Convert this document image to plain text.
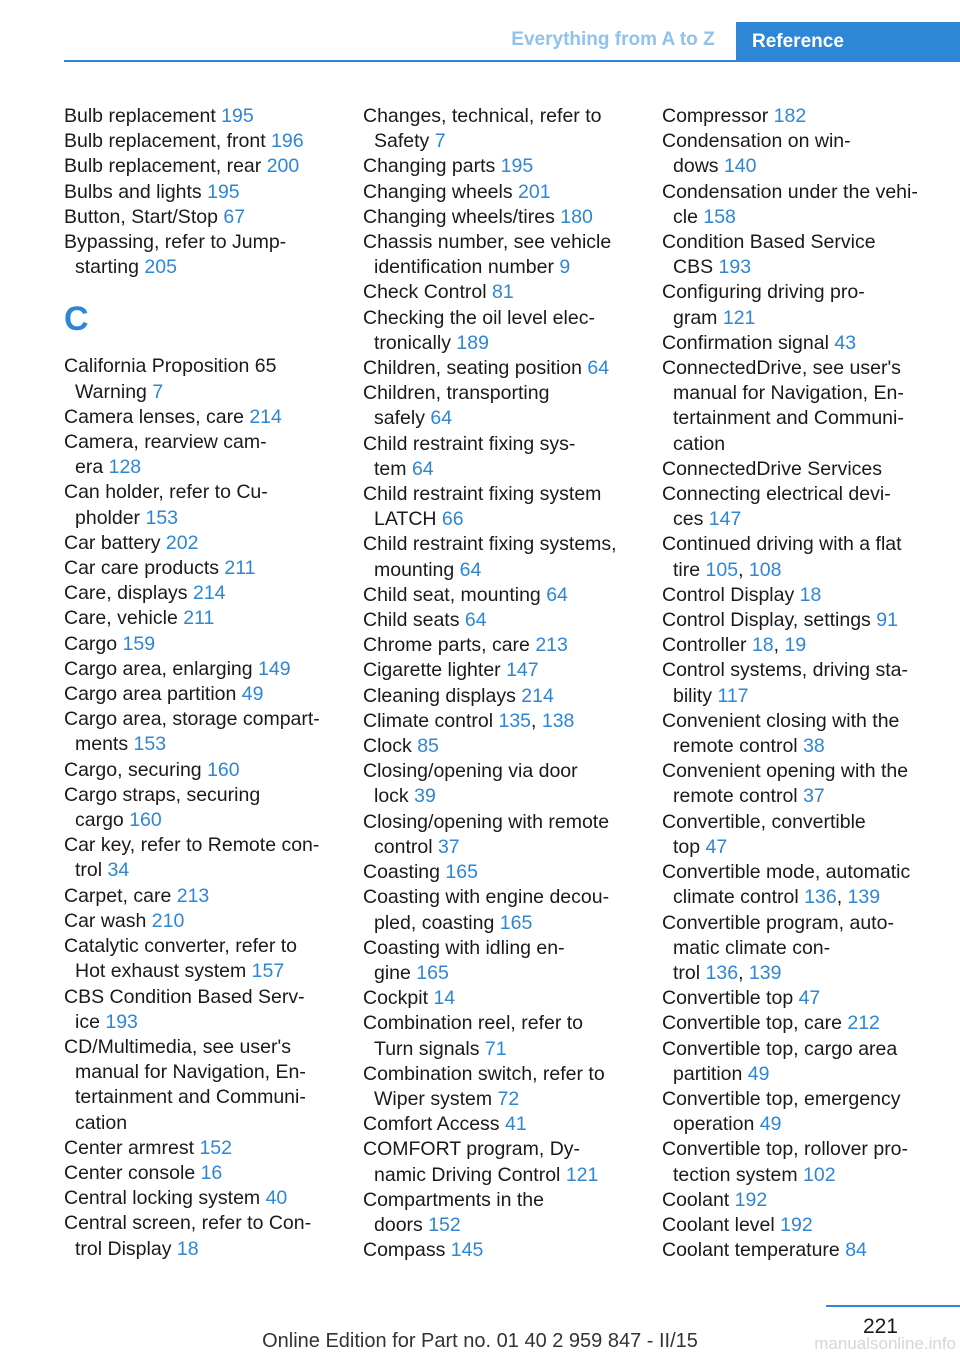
Everything from A to Z	Reference
Bulb replacement 195
Bulb replacement, front 196
Bulb replacement, rear 200
Bulbs and lights 195
Button, Start/Stop 67
Bypassing, refer to Jump-
starting 205
C
California Proposition 65
Warning 7
Camera lenses, care 214
Camera, rearview cam-
era 128
Can holder, refer to Cu-
pholder 153
Car battery 202
Car care products 211
Care, displays 214
Care, vehicle 211
Cargo 159
Cargo area, enlarging 149
Cargo area partition 49
Cargo area, storage compart-
ments 153
Cargo, securing 160
Cargo straps, securing
cargo 160
Car key, refer to Remote con-
trol 34
Carpet, care 213
Car wash 210
Catalytic converter, refer to
Hot exhaust system 157
CBS Condition Based Serv-
ice 193
CD/Multimedia, see user's
manual for Navigation, En-
tertainment and Communi-
cation
Center armrest 152
Center console 16
Central locking system 40
Central screen, refer to Con-
trol Display 18
Changes, technical, refer to
Safety 7
Changing parts 195
Changing wheels 201
Changing wheels/tires 180
Chassis number, see vehicle
identification number 9
Check Control 81
Checking the oil level elec-
tronically 189
Children, seating position 64
Children, transporting
safely 64
Child restraint fixing sys-
tem 64
Child restraint fixing system
LATCH 66
Child restraint fixing systems,
mounting 64
Child seat, mounting 64
Child seats 64
Chrome parts, care 213
Cigarette lighter 147
Cleaning displays 214
Climate control 135, 138
Clock 85
Closing/opening via door
lock 39
Closing/opening with remote
control 37
Coasting 165
Coasting with engine decou-
pled, coasting 165
Coasting with idling en-
gine 165
Cockpit 14
Combination reel, refer to
Turn signals 71
Combination switch, refer to
Wiper system 72
Comfort Access 41
COMFORT program, Dy-
namic Driving Control 121
Compartments in the
doors 152
Compass 145
Compressor 182
Condensation on win-
dows 140
Condensation under the vehi-
cle 158
Condition Based Service
CBS 193
Configuring driving pro-
gram 121
Confirmation signal 43
ConnectedDrive, see user's
manual for Navigation, En-
tertainment and Communi-
cation
ConnectedDrive Services
Connecting electrical devi-
ces 147
Continued driving with a flat
tire 105, 108
Control Display 18
Control Display, settings 91
Controller 18, 19
Control systems, driving sta-
bility 117
Convenient closing with the
remote control 38
Convenient opening with the
remote control 37
Convertible, convertible
top 47
Convertible mode, automatic
climate control 136, 139
Convertible program, auto-
matic climate con-
trol 136, 139
Convertible top 47
Convertible top, care 212
Convertible top, cargo area
partition 49
Convertible top, emergency
operation 49
Convertible top, rollover pro-
tection system 102
Coolant 192
Coolant level 192
Coolant temperature 84
221
Online Edition for Part no. 01 40 2 959 847 - II/15	manualsonline.info
